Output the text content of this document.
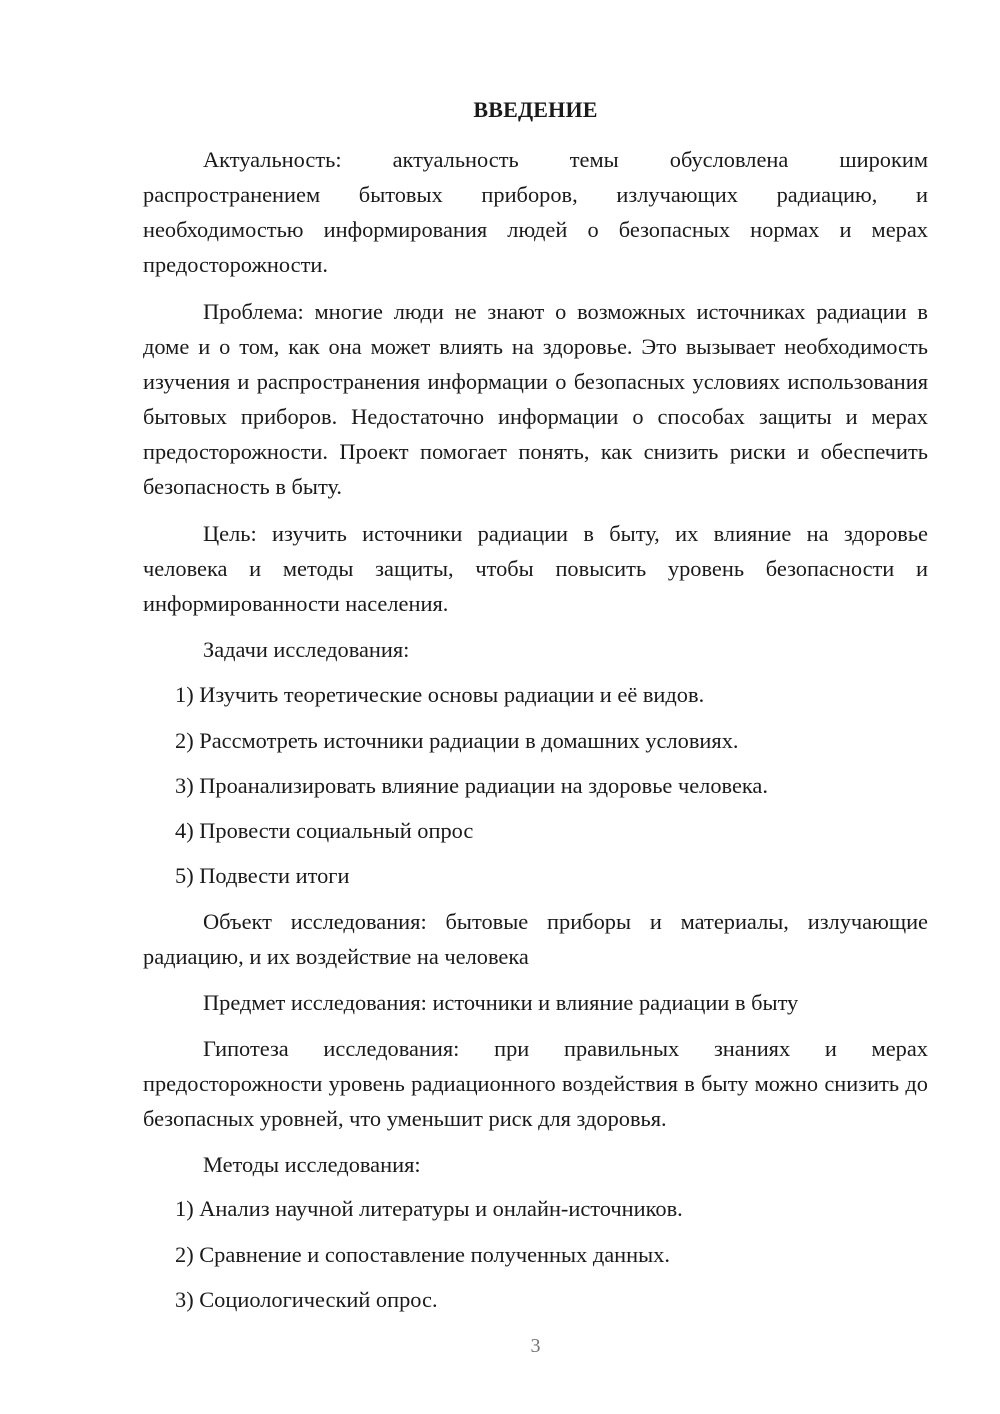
ВВЕДЕНИЕ

Актуальность: актуальность темы обусловлена широким распространением бытовых приборов, излучающих радиацию, и необходимостью информирования людей о безопасных нормах и мерах предосторожности.

Проблема: многие люди не знают о возможных источниках радиации в доме и о том, как она может влиять на здоровье. Это вызывает необходимость изучения и распространения информации о безопасных условиях использования бытовых приборов. Недостаточно информации о способах защиты и мерах предосторожности. Проект помогает понять, как снизить риски и обеспечить безопасность в быту.

Цель: изучить источники радиации в быту, их влияние на здоровье человека и методы защиты, чтобы повысить уровень безопасности и информированности населения.

Задачи исследования:

1) Изучить теоретические основы радиации и её видов.

2) Рассмотреть источники радиации в домашних условиях.

3) Проанализировать влияние радиации на здоровье человека.

4) Провести социальный опрос

5) Подвести итоги

Объект исследования: бытовые приборы и материалы, излучающие радиацию, и их воздействие на человека

Предмет исследования: источники и влияние радиации в быту

Гипотеза исследования: при правильных знаниях и мерах предосторожности уровень радиационного воздействия в быту можно снизить до безопасных уровней, что уменьшит риск для здоровья.

Методы исследования:

1) Анализ научной литературы и онлайн-источников.

2) Сравнение и сопоставление полученных данных.

3) Социологический опрос.

3
